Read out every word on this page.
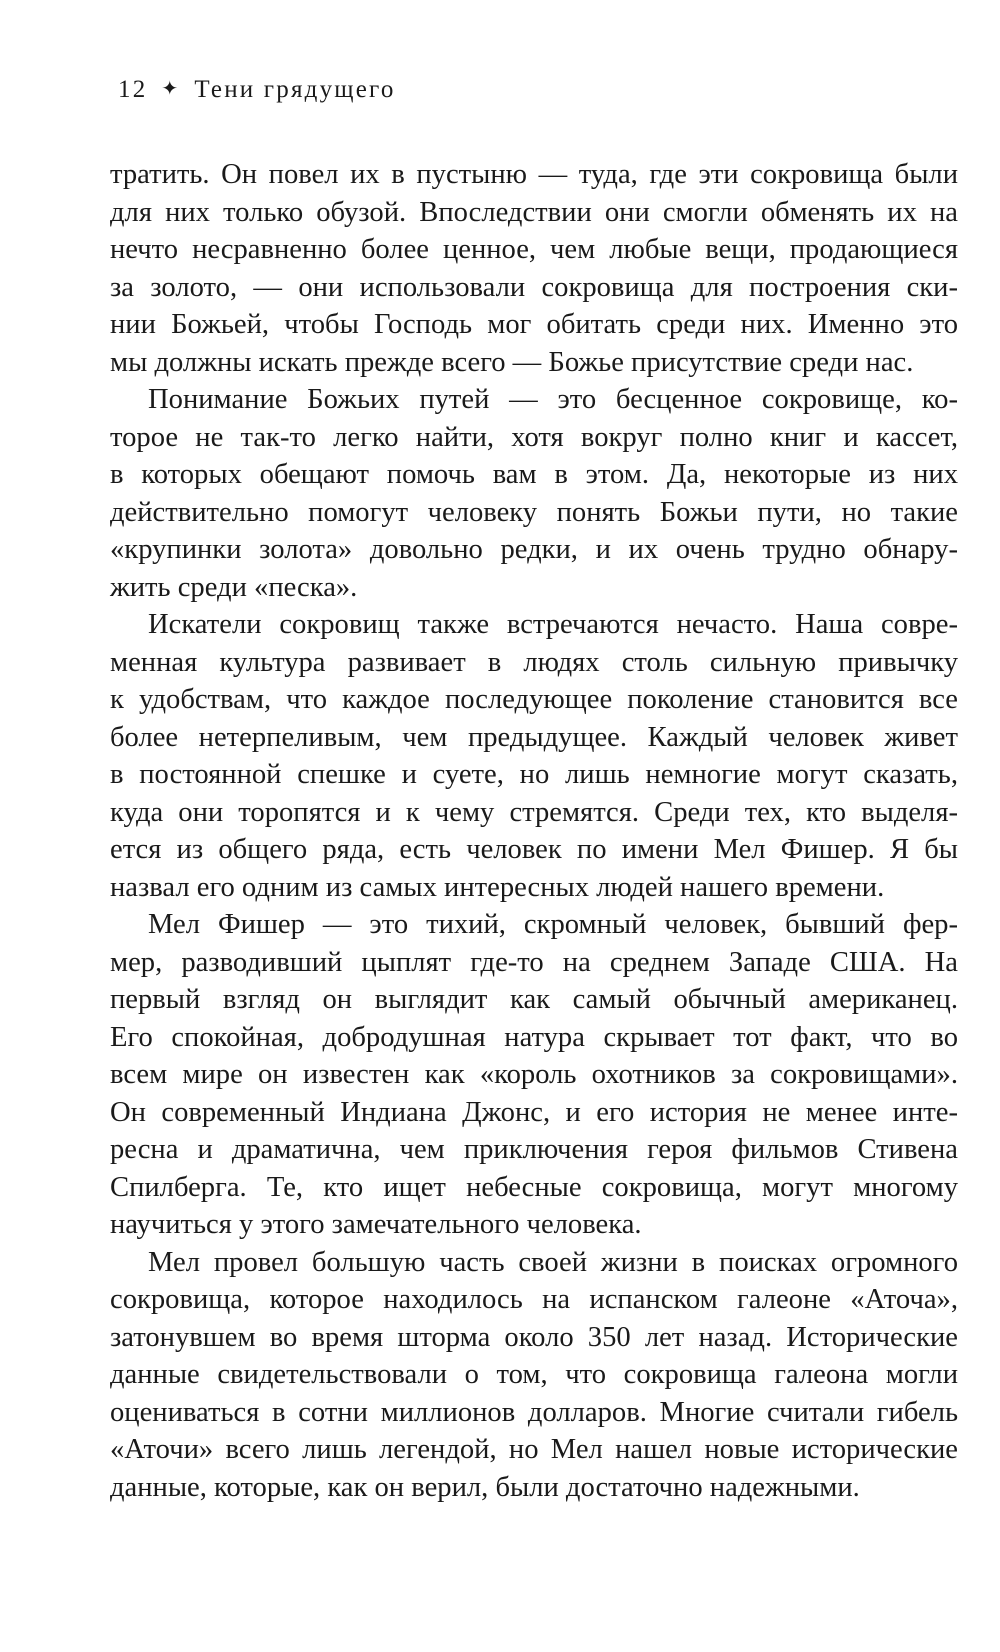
12 ✦ Тени грядущего
тратить. Он повел их в пустыню — туда, где эти сокровища были
для них только обузой. Впоследствии они смогли обменять их на
нечто несравненно более ценное, чем любые вещи, продающиеся
за золото, — они использовали сокровища для построения ски-
нии Божьей, чтобы Господь мог обитать среди них. Именно это
мы должны искать прежде всего — Божье присутствие среди нас.
Понимание Божьих путей — это бесценное сокровище, ко-
торое не так-то легко найти, хотя вокруг полно книг и кассет,
в которых обещают помочь вам в этом. Да, некоторые из них
действительно помогут человеку понять Божьи пути, но такие
«крупинки золота» довольно редки, и их очень трудно обнару-
жить среди «песка».
Искатели сокровищ также встречаются нечасто. Наша совре-
менная культура развивает в людях столь сильную привычку
к удобствам, что каждое последующее поколение становится все
более нетерпеливым, чем предыдущее. Каждый человек живет
в постоянной спешке и суете, но лишь немногие могут сказать,
куда они торопятся и к чему стремятся. Среди тех, кто выделя-
ется из общего ряда, есть человек по имени Мел Фишер. Я бы
назвал его одним из самых интересных людей нашего времени.
Мел Фишер — это тихий, скромный человек, бывший фер-
мер, разводивший цыплят где-то на среднем Западе США. На
первый взгляд он выглядит как самый обычный американец.
Его спокойная, добродушная натура скрывает тот факт, что во
всем мире он известен как «король охотников за сокровищами».
Он современный Индиана Джонс, и его история не менее инте-
ресна и драматична, чем приключения героя фильмов Стивена
Спилберга. Те, кто ищет небесные сокровища, могут многому
научиться у этого замечательного человека.
Мел провел большую часть своей жизни в поисках огромного
сокровища, которое находилось на испанском галеоне «Аточа»,
затонувшем во время шторма около 350 лет назад. Исторические
данные свидетельствовали о том, что сокровища галеона могли
оцениваться в сотни миллионов долларов. Многие считали гибель
«Аточи» всего лишь легендой, но Мел нашел новые исторические
данные, которые, как он верил, были достаточно надежными.
